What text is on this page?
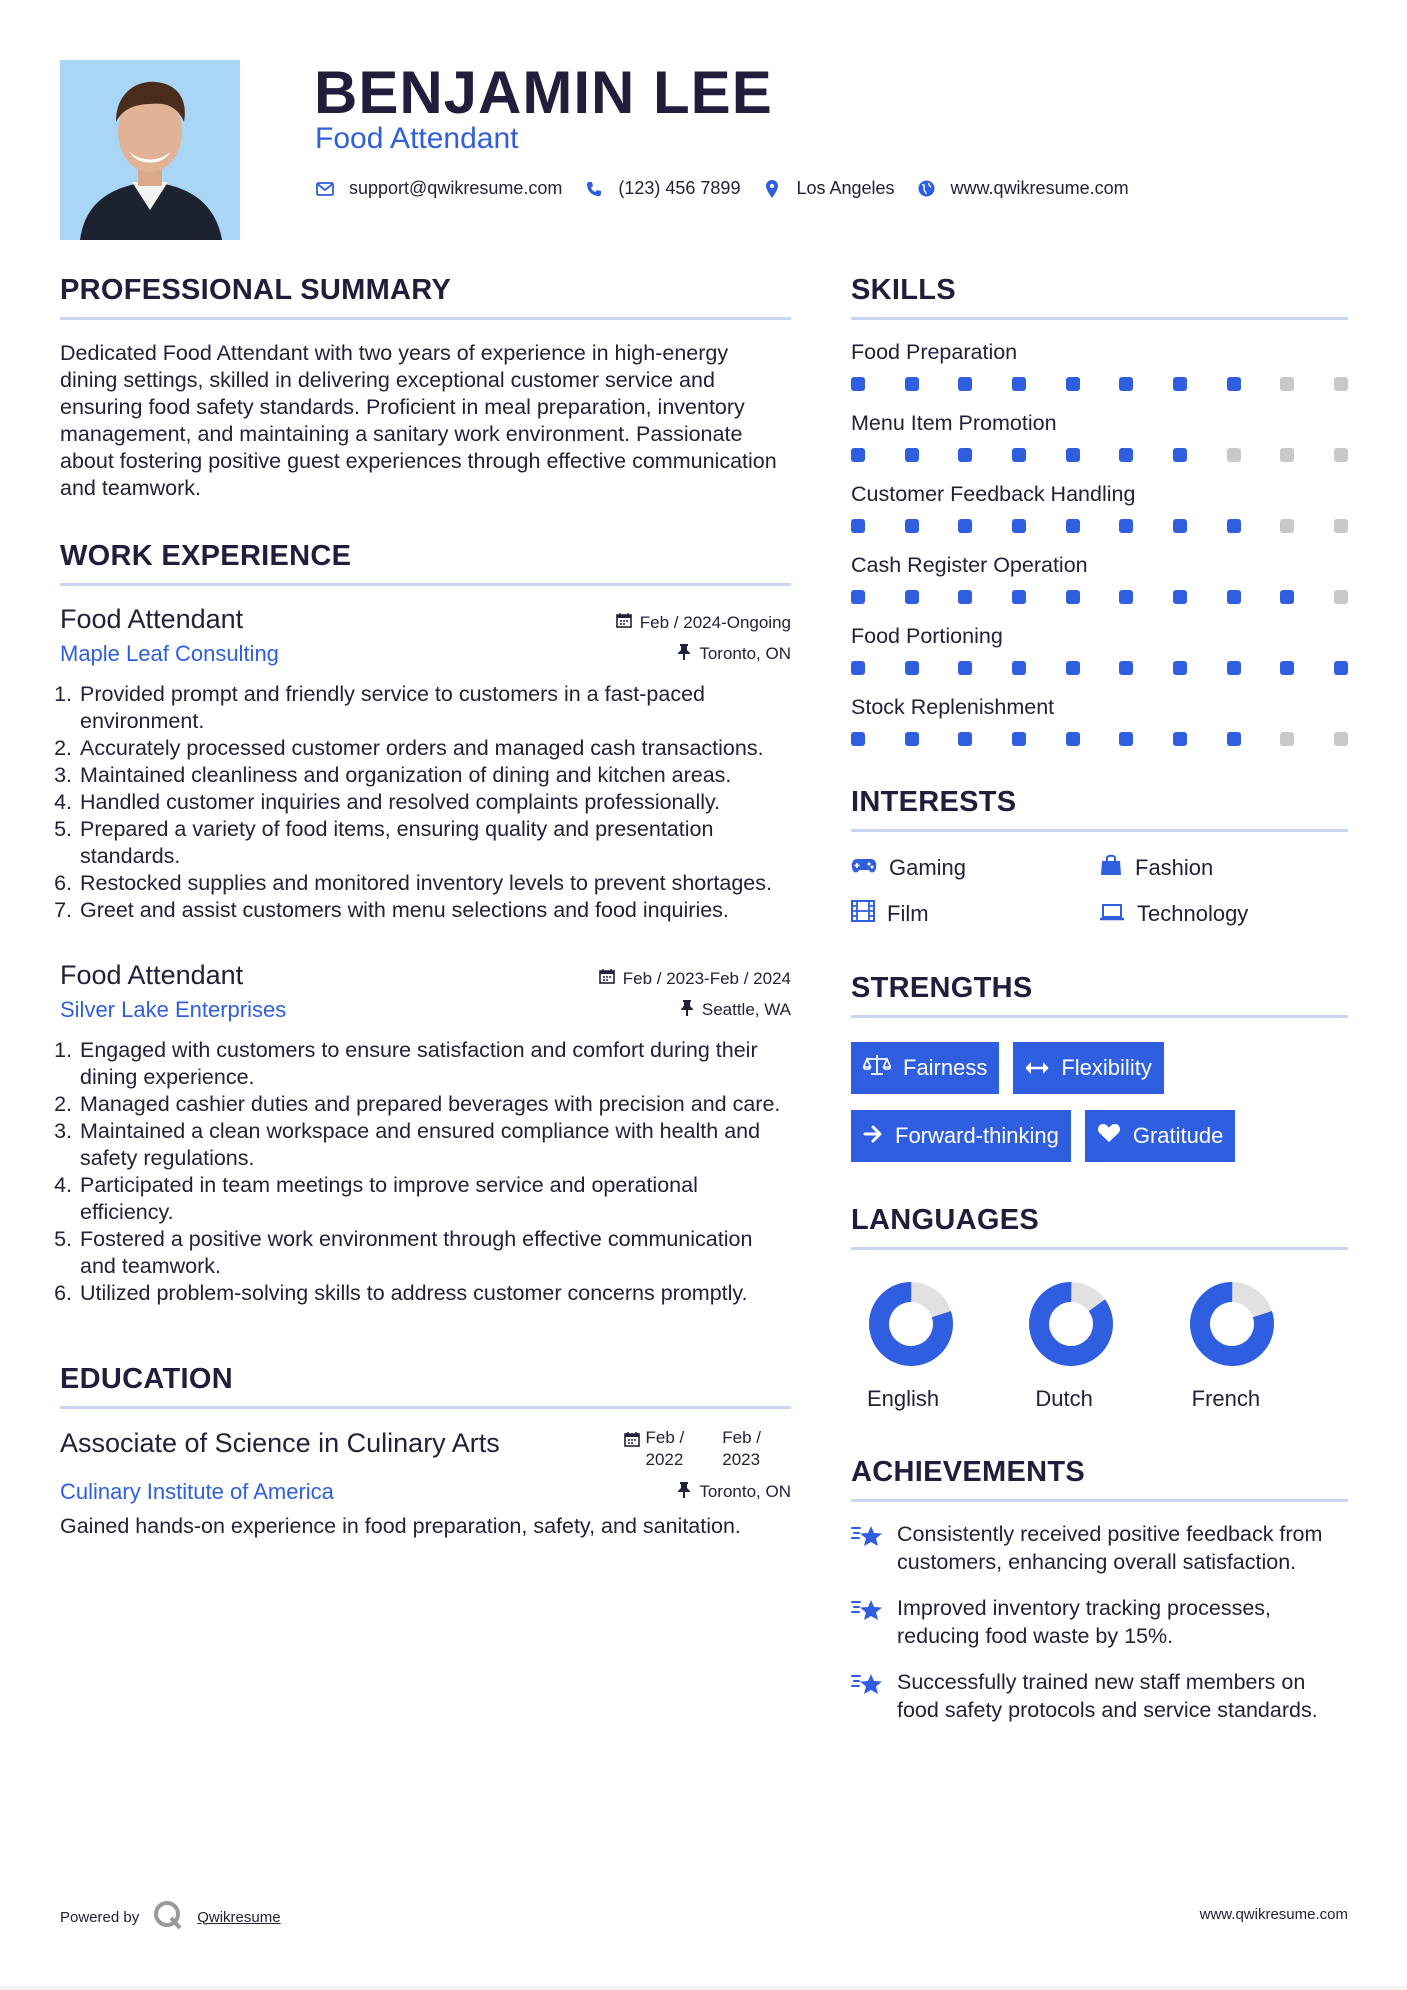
BENJAMIN LEE
Food Attendant
support@qwikresume.com	(123) 456 7899	Los Angeles	www.qwikresume.com
PROFESSIONAL SUMMARY
Dedicated Food Attendant with two years of experience in high-energy dining settings, skilled in delivering exceptional customer service and ensuring food safety standards. Proficient in meal preparation, inventory management, and maintaining a sanitary work environment. Passionate about fostering positive guest experiences through effective communication and teamwork.
WORK EXPERIENCE
Food Attendant	Feb / 2024-Ongoing
Maple Leaf Consulting	Toronto, ON
1. Provided prompt and friendly service to customers in a fast-paced environment.
2. Accurately processed customer orders and managed cash transactions.
3. Maintained cleanliness and organization of dining and kitchen areas.
4. Handled customer inquiries and resolved complaints professionally.
5. Prepared a variety of food items, ensuring quality and presentation standards.
6. Restocked supplies and monitored inventory levels to prevent shortages.
7. Greet and assist customers with menu selections and food inquiries.
Food Attendant	Feb / 2023-Feb / 2024
Silver Lake Enterprises	Seattle, WA
1. Engaged with customers to ensure satisfaction and comfort during their dining experience.
2. Managed cashier duties and prepared beverages with precision and care.
3. Maintained a clean workspace and ensured compliance with health and safety regulations.
4. Participated in team meetings to improve service and operational efficiency.
5. Fostered a positive work environment through effective communication and teamwork.
6. Utilized problem-solving skills to address customer concerns promptly.
EDUCATION
Associate of Science in Culinary Arts	Feb /
2022
Feb /
2023
Culinary Institute of America	Toronto, ON
Gained hands-on experience in food preparation, safety, and sanitation.
SKILLS
Food Preparation
Menu Item Promotion
Customer Feedback Handling
Cash Register Operation
Food Portioning
Stock Replenishment
INTERESTS
Gaming	Fashion
Film	Technology
STRENGTHS
Fairness	Flexibility
Forward-thinking	Gratitude
LANGUAGES
English	Dutch	French
ACHIEVEMENTS
Consistently received positive feedback from customers, enhancing overall satisfaction.
Improved inventory tracking processes, reducing food waste by 15%.
Successfully trained new staff members on food safety protocols and service standards.
Powered by	Qwikresume	www.qwikresume.com
